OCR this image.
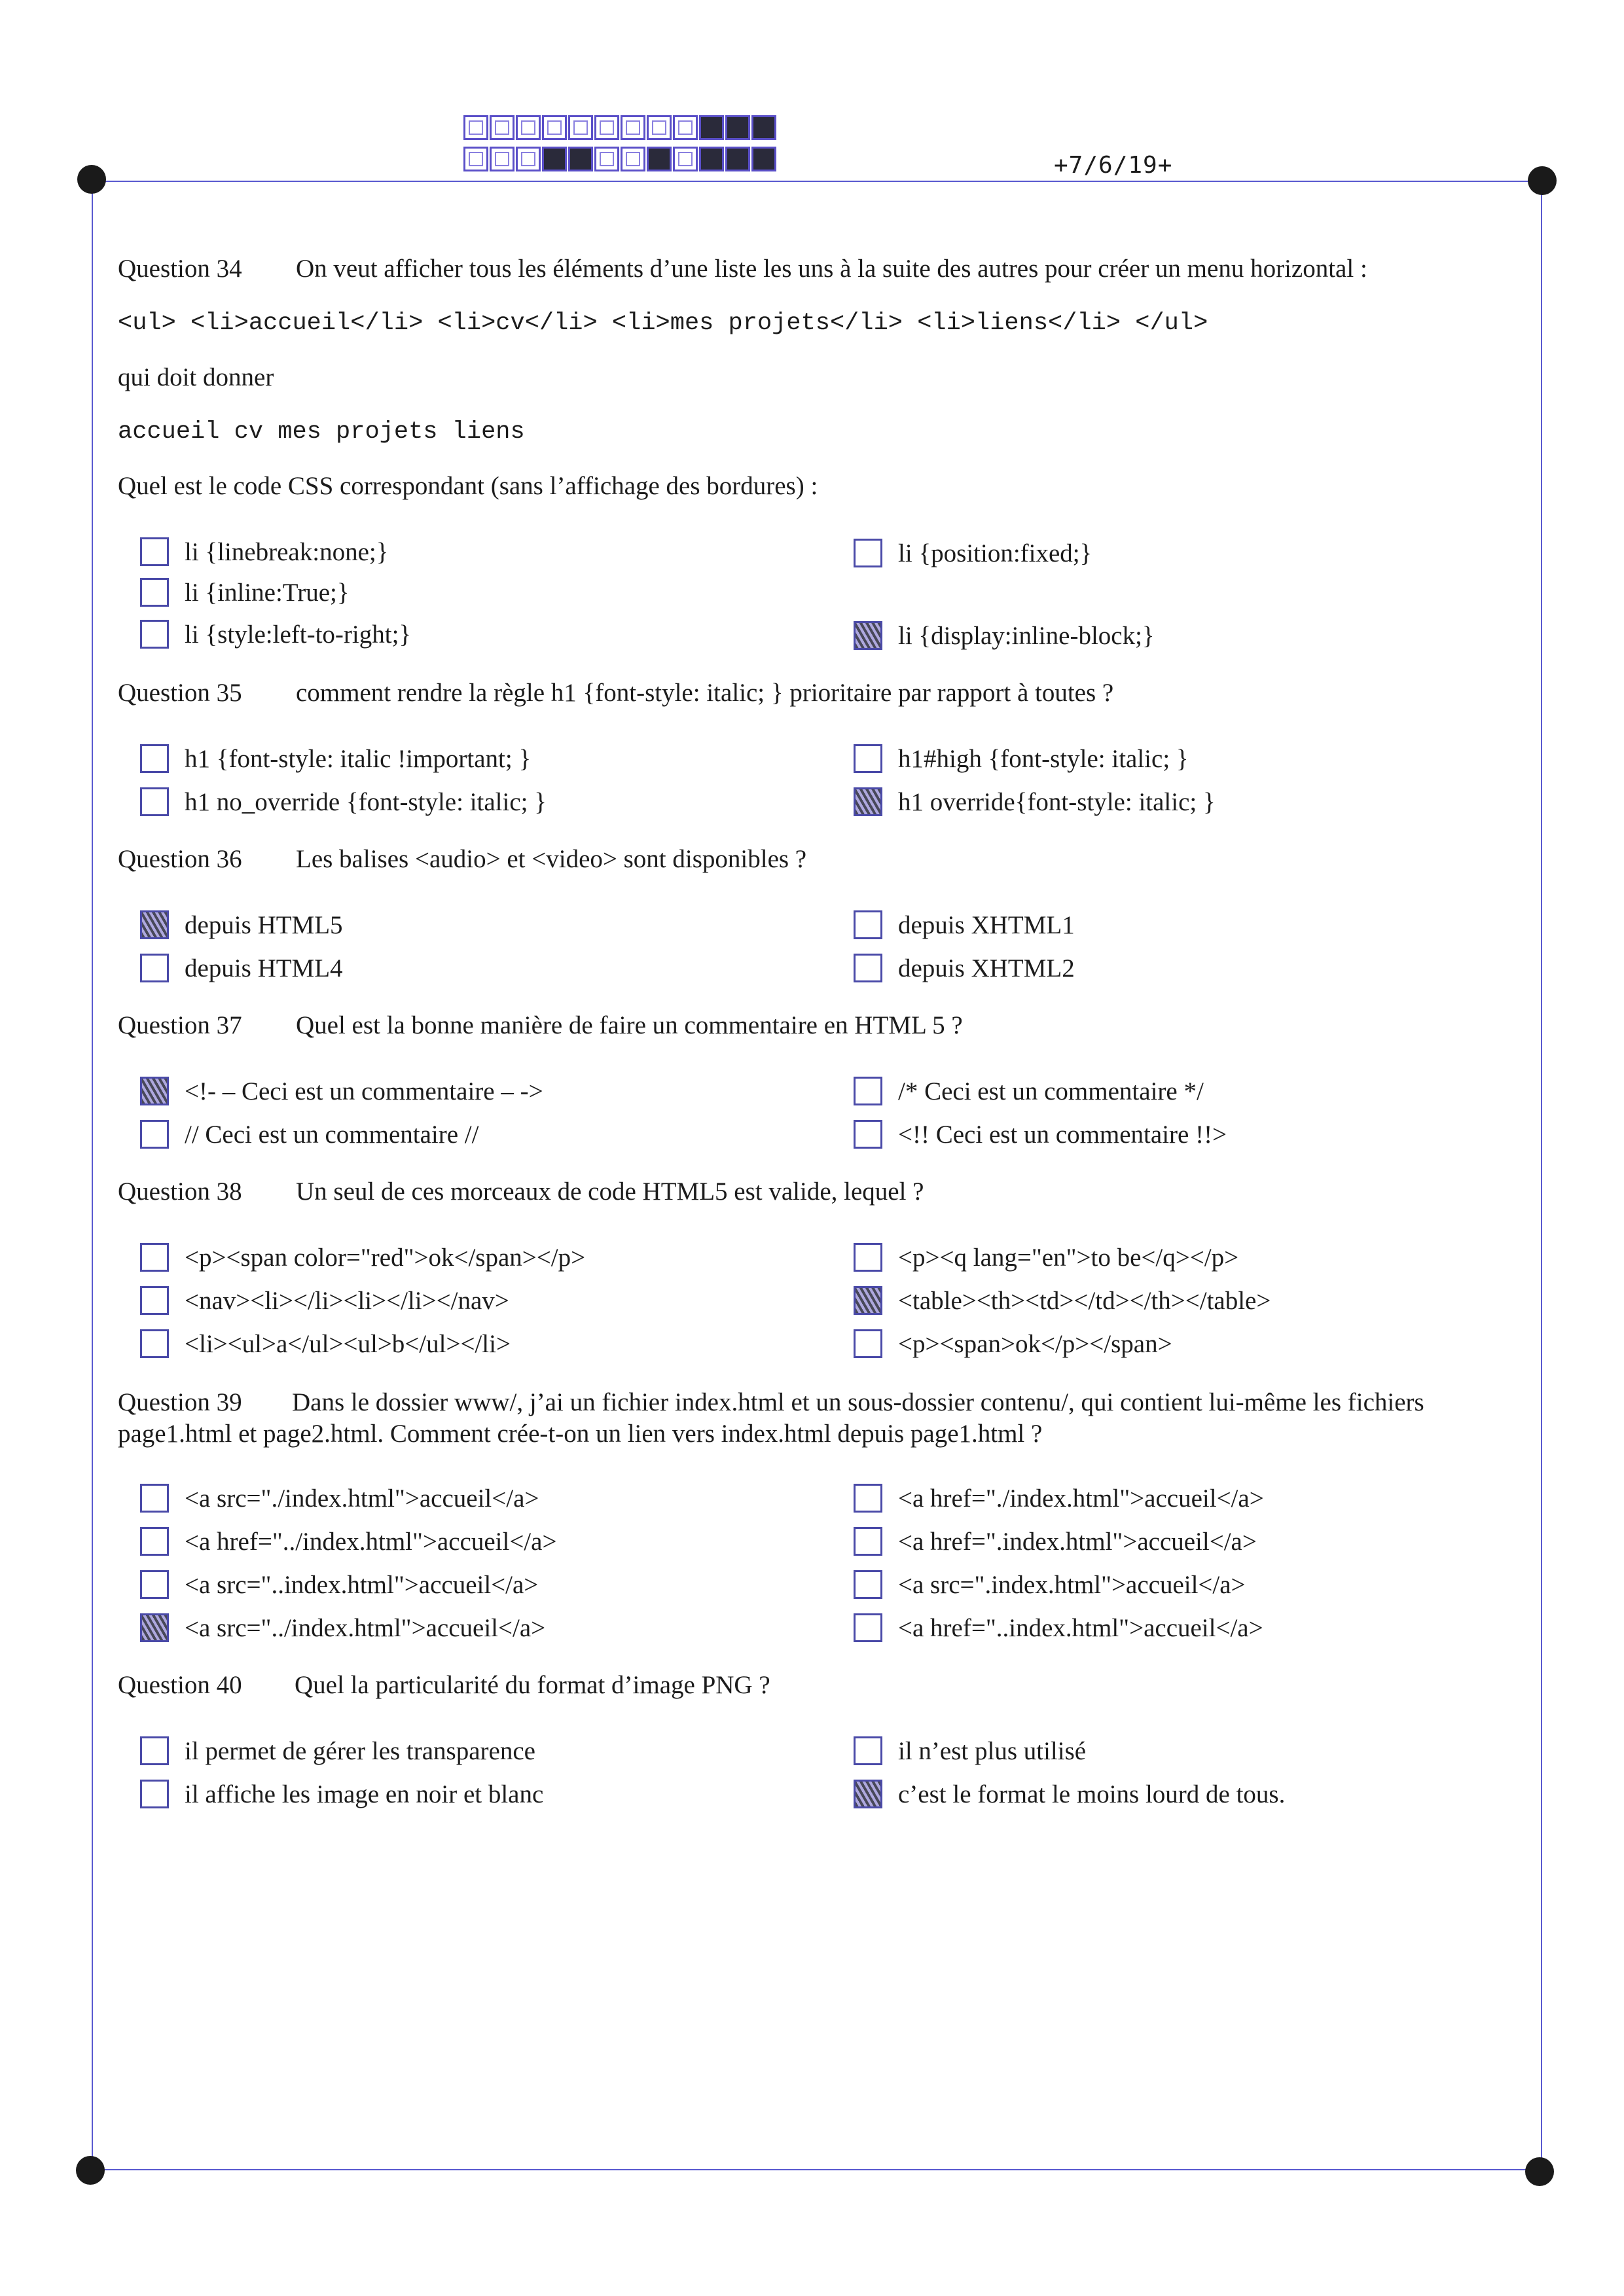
+7/6/19+
Question 34 On veut afficher tous les éléments d’une liste les uns à la suite des autres pour créer un menu horizontal :
<ul> <li>accueil</li> <li>cv</li> <li>mes projets</li> <li>liens</li> </ul>
qui doit donner
accueil cv mes projets liens
Quel est le code CSS correspondant (sans l’affichage des bordures) :
li {linebreak:none;}
li {inline:True;}
li {style:left-to-right;}
li {position:fixed;}
li {display:inline-block;}
Question 35 comment rendre la règle h1 {font-style: italic; } prioritaire par rapport à toutes ?
h1 {font-style: italic !important; }
h1 no_override {font-style: italic; }
h1#high {font-style: italic; }
h1 override{font-style: italic; }
Question 36 Les balises <audio> et <video> sont disponibles ?
depuis HTML5
depuis HTML4
depuis XHTML1
depuis XHTML2
Question 37 Quel est la bonne manière de faire un commentaire en HTML 5 ?
<!- – Ceci est un commentaire – ->
// Ceci est un commentaire //
/* Ceci est un commentaire */
<!! Ceci est un commentaire !!>
Question 38 Un seul de ces morceaux de code HTML5 est valide, lequel ?
<p><span color="red">ok</span></p>
<nav><li></li><li></li></nav>
<li><ul>a</ul><ul>b</ul></li>
<p><q lang="en">to be</q></p>
<table><th><td></td></th></table>
<p><span>ok</p></span>
Question 39 Dans le dossier www/, j’ai un fichier index.html et un sous-dossier contenu/, qui contient lui-même les fichiers
page1.html et page2.html. Comment crée-t-on un lien vers index.html depuis page1.html ?
<a src="./index.html">accueil</a>
<a href="../index.html">accueil</a>
<a src="..index.html">accueil</a>
<a src="../index.html">accueil</a>
<a href="./index.html">accueil</a>
<a href=".index.html">accueil</a>
<a src=".index.html">accueil</a>
<a href="..index.html">accueil</a>
Question 40 Quel la particularité du format d’image PNG ?
il permet de gérer les transparence
il affiche les image en noir et blanc
il n’est plus utilisé
c’est le format le moins lourd de tous.
